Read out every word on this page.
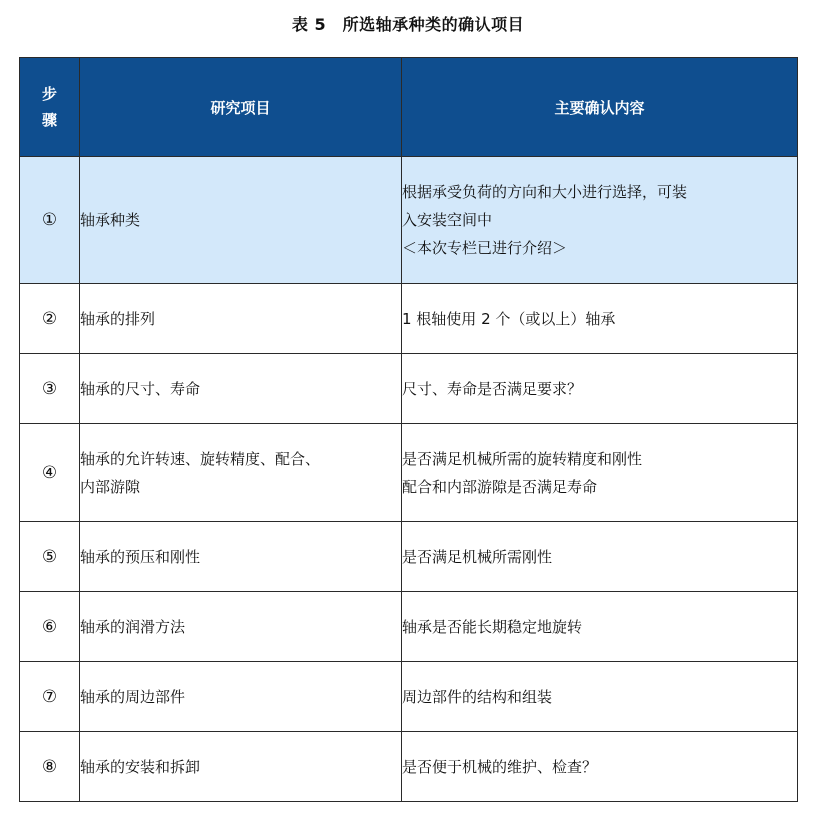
表 5　所选轴承种类的确认项目
步
骤	研究项目	主要确认内容
①	轴承种类	根据承受负荷的方向和大小进行选择，可装
入安装空间中
＜本次专栏已进行介绍＞

②	轴承的排列	1 根轴使用 2 个（或以上）轴承

③	轴承的尺寸、寿命	尺寸、寿命是否满足要求？

④	轴承的允许转速、旋转精度、配合、
内部游隙	是否满足机械所需的旋转精度和刚性
配合和内部游隙是否满足寿命

⑤	轴承的预压和刚性	是否满足机械所需刚性

⑥	轴承的润滑方法	轴承是否能长期稳定地旋转

⑦	轴承的周边部件	周边部件的结构和组装

⑧	轴承的安装和拆卸	是否便于机械的维护、检查？
